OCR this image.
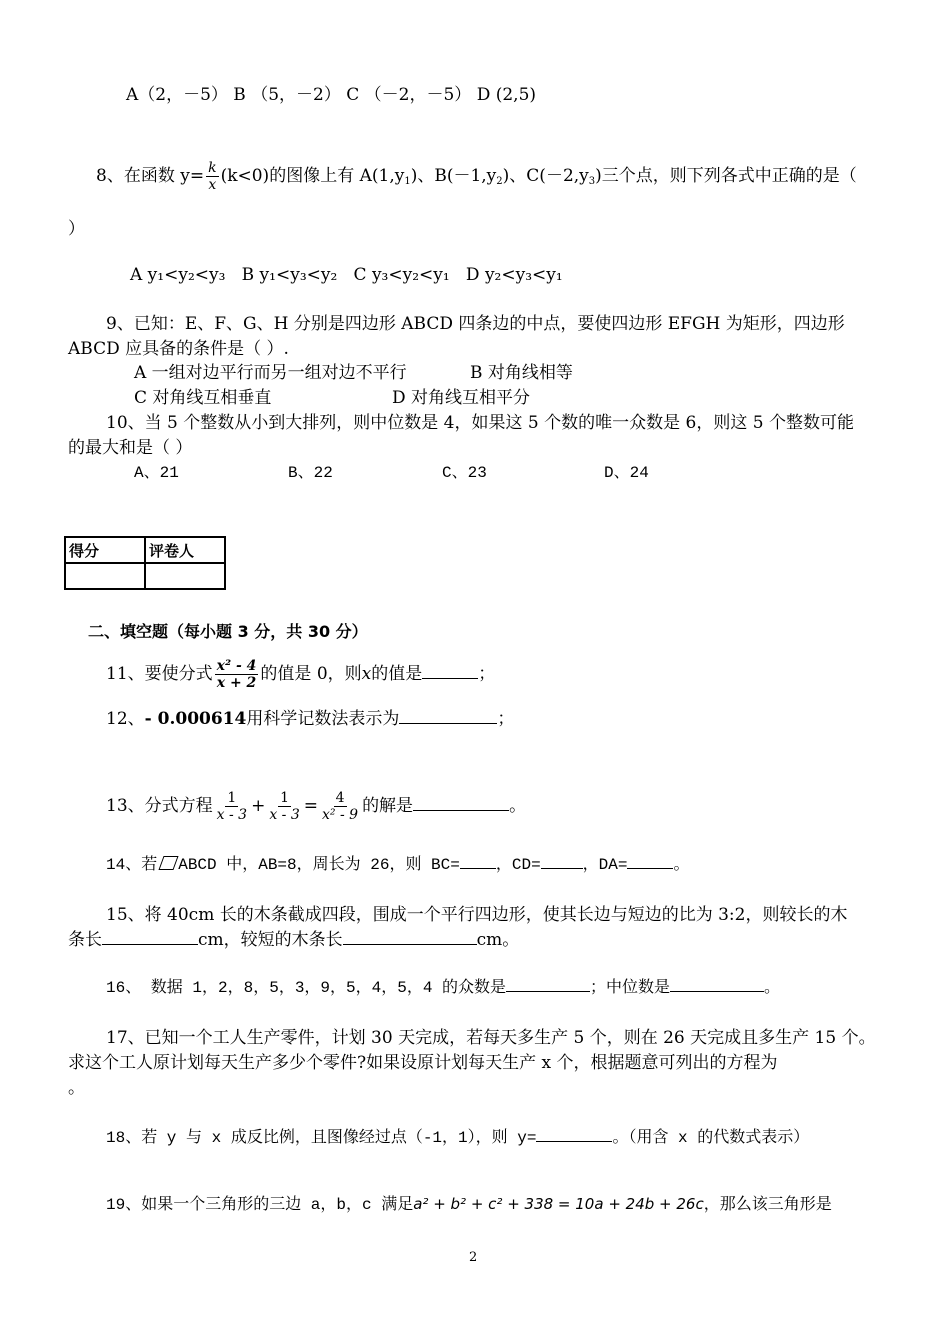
A（2，－5） B （5，－2） C （－2，－5） D (2,5)
8、在函数 $y= \frac{k}{x} (k<0)$的图像上有 $A(1,y_1)$、$B(-1,y_2)$、$C(-2,y_3)$三个点，则下列各式中正确的是（
）
A y₁<y₂<y₃ B y₁<y₃<y₂ C y₃<y₂<y₁ D y₂<y₃<y₁
9、已知：E、F、G、H 分别是四边形 ABCD 四条边的中点，要使四边形 EFGH 为矩形，四边形
ABCD 应具备的条件是（ ）.
A 一组对边平行而另一组对边不平行	B 对角线相等
C 对角线互相垂直	D 对角线互相平分
10、当 5 个整数从小到大排列，则中位数是 4，如果这 5 个数的唯一众数是 6，则这 5 个整数可能
的最大和是（ ）
A、21	B、22	C、23	D、24
得分	评卷人

二、填空题（每小题 3 分，共 30 分）
11、要使分式 $\frac{\text{x² - 4}}{x + 2}$ 的值是 0，则x的值是	；
12、- 0.000614用科学记数法表示为	；
13、分式方程 $\frac{1}{x - 3} + \frac{1}{x - 3} = \frac{4}{\text{x² - 9}}$ 的解是	。
14、若 ABCD 中，AB=8，周长为 26，则 BC= ，CD=	，DA=	。
15、将 40cm 长的木条截成四段，围成一个平行四边形，使其长边与短边的比为 3:2，则较长的木
条长	cm，较短的木条长	cm。
16、 数据 1，2，8，5，3，9，5，4，5，4 的众数是	；中位数是	。
17、已知一个工人生产零件，计划 30 天完成，若每天多生产 5 个，则在 26 天完成且多生产 15 个。
求这个工人原计划每天生产多少个零件?如果设原计划每天生产 x 个，根据题意可列出的方程为
。
18、若 y 与 x 成反比例，且图像经过点（-1，1），则 y=	。（用含 x 的代数式表示）
19、如果一个三角形的三边 a，b，c 满足a² + b² + c² + 338 = 10a + 24b + 26c，那么该三角形是
2
